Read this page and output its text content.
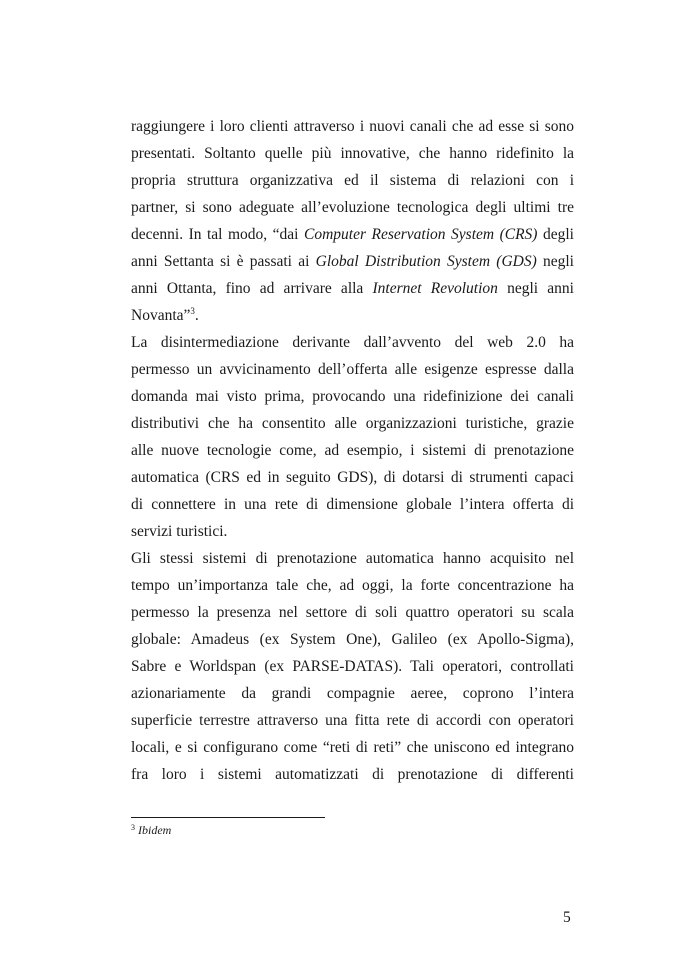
raggiungere i loro clienti attraverso i nuovi canali che ad esse si sono
presentati. Soltanto quelle più innovative, che hanno ridefinito la
propria struttura organizzativa ed il sistema di relazioni con i
partner, si sono adeguate all’evoluzione tecnologica degli ultimi tre
decenni. In tal modo, “dai Computer Reservation System (CRS) degli
anni Settanta si è passati ai Global Distribution System (GDS) negli
anni Ottanta, fino ad arrivare alla Internet Revolution negli anni
Novanta”$^3$.
La disintermediazione derivante dall’avvento del web 2.0 ha
permesso un avvicinamento dell’offerta alle esigenze espresse dalla
domanda mai visto prima, provocando una ridefinizione dei canali
distributivi che ha consentito alle organizzazioni turistiche, grazie
alle nuove tecnologie come, ad esempio, i sistemi di prenotazione
automatica (CRS ed in seguito GDS), di dotarsi di strumenti capaci
di connettere in una rete di dimensione globale l’intera offerta di
servizi turistici.
Gli stessi sistemi di prenotazione automatica hanno acquisito nel
tempo un’importanza tale che, ad oggi, la forte concentrazione ha
permesso la presenza nel settore di soli quattro operatori su scala
globale: Amadeus (ex System One), Galileo (ex Apollo-Sigma),
Sabre e Worldspan (ex PARSE-DATAS). Tali operatori, controllati
azionariamente da grandi compagnie aeree, coprono l’intera
superficie terrestre attraverso una fitta rete di accordi con operatori
locali, e si configurano come “reti di reti” che uniscono ed integrano
fra loro i sistemi automatizzati di prenotazione di differenti
$^3$ Ibidem
5
